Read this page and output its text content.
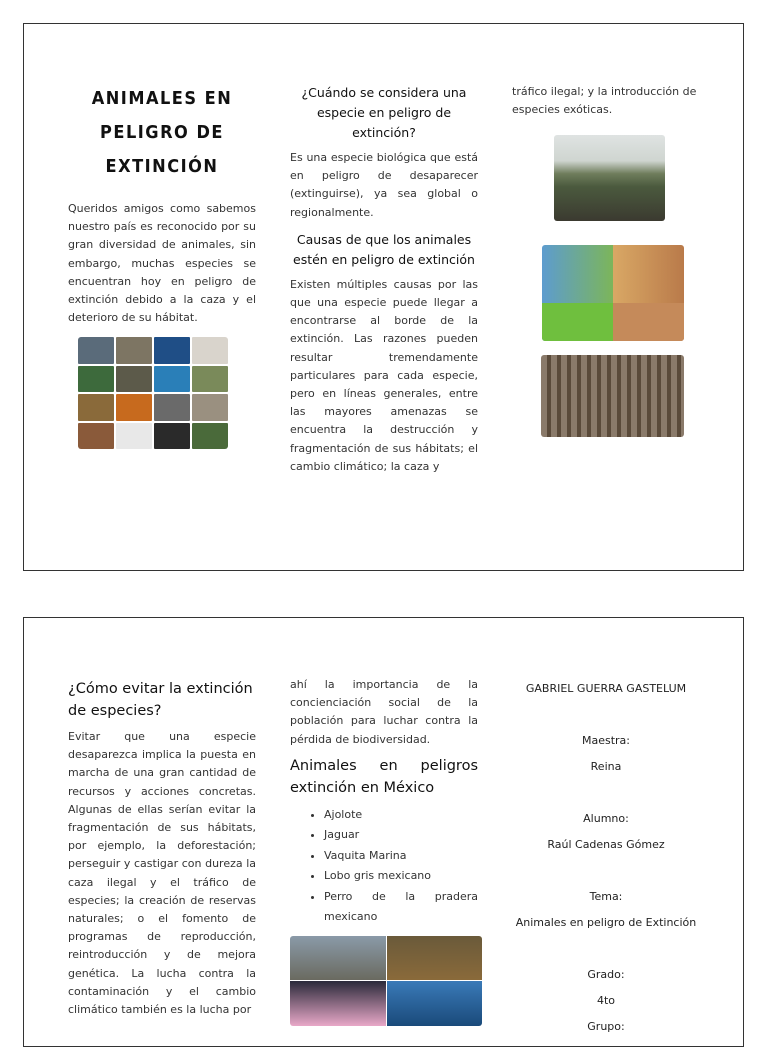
ANIMALES EN PELIGRO DE EXTINCIÓN

Queridos amigos como sabemos nuestro país es reconocido por su gran diversidad de animales, sin embargo, muchas especies se encuentran hoy en peligro de extinción debido a la caza y el deterioro de su hábitat.

¿Cuándo se considera una especie en peligro de extinción?

Es una especie biológica que está en peligro de desaparecer (extinguirse), ya sea global o regionalmente.

Causas de que los animales estén en peligro de extinción

Existen múltiples causas por las que una especie puede llegar a encontrarse al borde de la extinción. Las razones pueden resultar tremendamente particulares para cada especie, pero en líneas generales, entre las mayores amenazas se encuentra la destrucción y fragmentación de sus hábitats; el cambio climático; la caza y

tráfico ilegal; y la introducción de especies exóticas.

¿Cómo evitar la extinción de especies?

Evitar que una especie desaparezca implica la puesta en marcha de una gran cantidad de recursos y acciones concretas. Algunas de ellas serían evitar la fragmentación de sus hábitats, por ejemplo, la deforestación; perseguir y castigar con dureza la caza ilegal y el tráfico de especies; la creación de reservas naturales; o el fomento de programas de reproducción, reintroducción y de mejora genética. La lucha contra la contaminación y el cambio climático también es la lucha por

ahí la importancia de la concienciación social de la población para luchar contra la pérdida de biodiversidad.

Animales en peligros extinción en México
• Ajolote
• Jaguar
• Vaquita Marina
• Lobo gris mexicano
• Perro de la pradera mexicano
GABRIEL GUERRA GASTELUM
Maestra:
Reina
Alumno:
Raúl Cadenas Gómez
Tema:
Animales en peligro de Extinción
Grado:
4to
Grupo:
